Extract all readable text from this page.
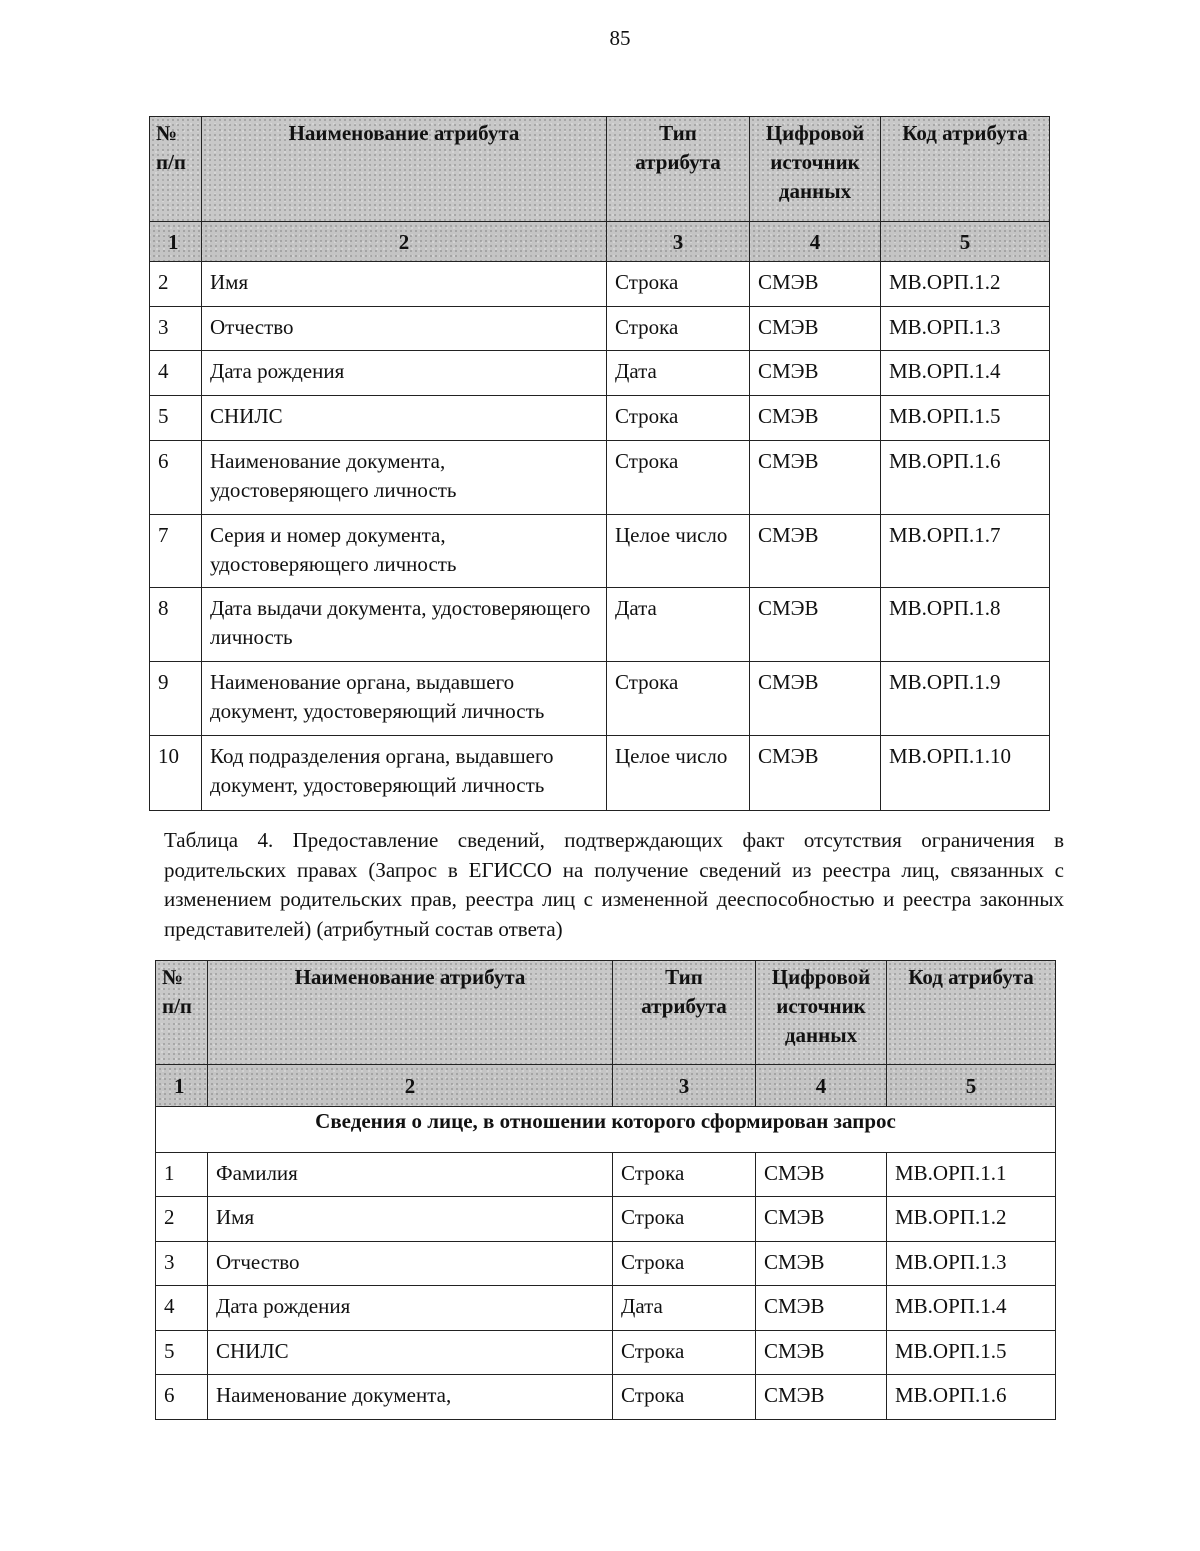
85
№ п/п	Наименование атрибута	Тип атрибута	Цифровой источник данных	Код атрибута
1	2	3	4	5
2	Имя	Строка	СМЭВ	МВ.ОРП.1.2
3	Отчество	Строка	СМЭВ	МВ.ОРП.1.3
4	Дата рождения	Дата	СМЭВ	МВ.ОРП.1.4
5	СНИЛС	Строка	СМЭВ	МВ.ОРП.1.5
6	Наименование документа, удостоверяющего личность	Строка	СМЭВ	МВ.ОРП.1.6
7	Серия и номер документа, удостоверяющего личность	Целое число	СМЭВ	МВ.ОРП.1.7
8	Дата выдачи документа, удостоверяющего личность	Дата	СМЭВ	МВ.ОРП.1.8
9	Наименование органа, выдавшего документ, удостоверяющий личность	Строка	СМЭВ	МВ.ОРП.1.9
10	Код подразделения органа, выдавшего документ, удостоверяющий личность	Целое число	СМЭВ	МВ.ОРП.1.10
Таблица 4. Предоставление сведений, подтверждающих факт отсутствия ограничения в родительских правах (Запрос в ЕГИССО на получение сведений из реестра лиц, связанных с изменением родительских прав, реестра лиц с измененной дееспособностью и реестра законных представителей) (атрибутный состав ответа)
№ п/п	Наименование атрибута	Тип атрибута	Цифровой источник данных	Код атрибута
1	2	3	4	5
Сведения о лице, в отношении которого сформирован запрос				
1	Фамилия	Строка	СМЭВ	МВ.ОРП.1.1
2	Имя	Строка	СМЭВ	МВ.ОРП.1.2
3	Отчество	Строка	СМЭВ	МВ.ОРП.1.3
4	Дата рождения	Дата	СМЭВ	МВ.ОРП.1.4
5	СНИЛС	Строка	СМЭВ	МВ.ОРП.1.5
6	Наименование документа,	Строка	СМЭВ	МВ.ОРП.1.6
